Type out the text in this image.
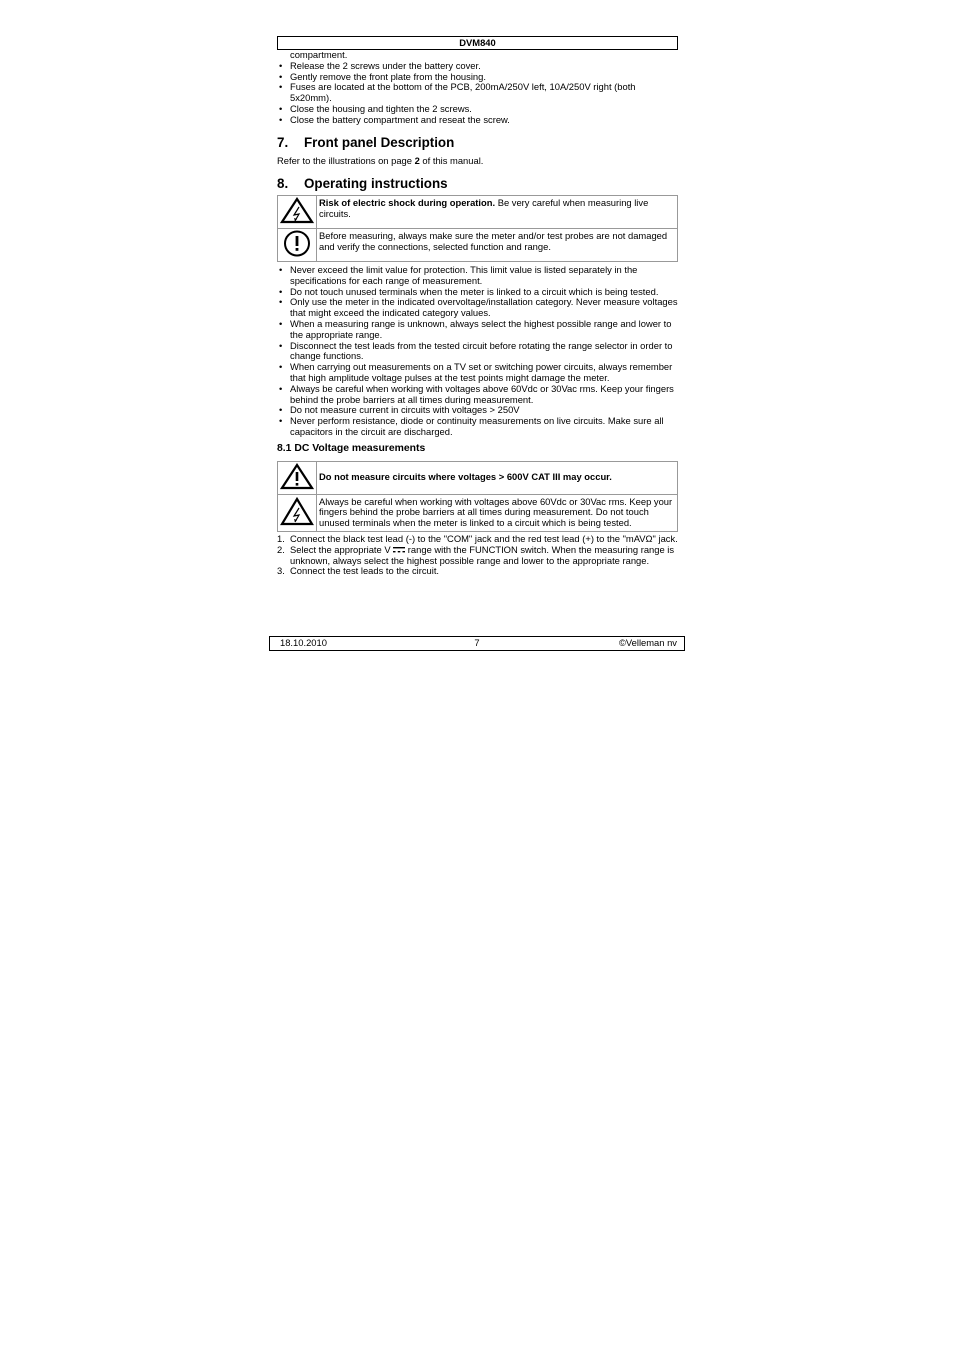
DVM840
compartment.
• Release the 2 screws under the battery cover.
• Gently remove the front plate from the housing.
• Fuses are located at the bottom of the PCB, 200mA/250V left, 10A/250V right (both 5x20mm).
• Close the housing and tighten the 2 screws.
• Close the battery compartment and reseat the screw.
7. Front panel Description

Refer to the illustrations on page 2 of this manual.

8. Operating instructions
	Risk of electric shock during operation. Be very careful when measuring live circuits.
	Before measuring, always make sure the meter and/or test probes are not damaged and verify the connections, selected function and range.
• Never exceed the limit value for protection. This limit value is listed separately in the specifications for each range of measurement.
• Do not touch unused terminals when the meter is linked to a circuit which is being tested.
• Only use the meter in the indicated overvoltage/installation category. Never measure voltages that might exceed the indicated category values.
• When a measuring range is unknown, always select the highest possible range and lower to the appropriate range.
• Disconnect the test leads from the tested circuit before rotating the range selector in order to change functions.
• When carrying out measurements on a TV set or switching power circuits, always remember that high amplitude voltage pulses at the test points might damage the meter.
• Always be careful when working with voltages above 60Vdc or 30Vac rms. Keep your fingers behind the probe barriers at all times during measurement.
• Do not measure current in circuits with voltages > 250V
• Never perform resistance, diode or continuity measurements on live circuits. Make sure all capacitors in the circuit are discharged.
8.1 DC Voltage measurements
	Do not measure circuits where voltages > 600V CAT III may occur.
	Always be careful when working with voltages above 60Vdc or 30Vac rms. Keep your fingers behind the probe barriers at all times during measurement. Do not touch unused terminals when the meter is linked to a circuit which is being tested.
1. Connect the black test lead (-) to the "COM" jack and the red test lead (+) to the "mAVΩ" jack.
2. Select the appropriate V  range with the FUNCTION switch. When the measuring range is unknown, always select the highest possible range and lower to the appropriate range.
3. Connect the test leads to the circuit.
18.10.2010	7	©Velleman nv
